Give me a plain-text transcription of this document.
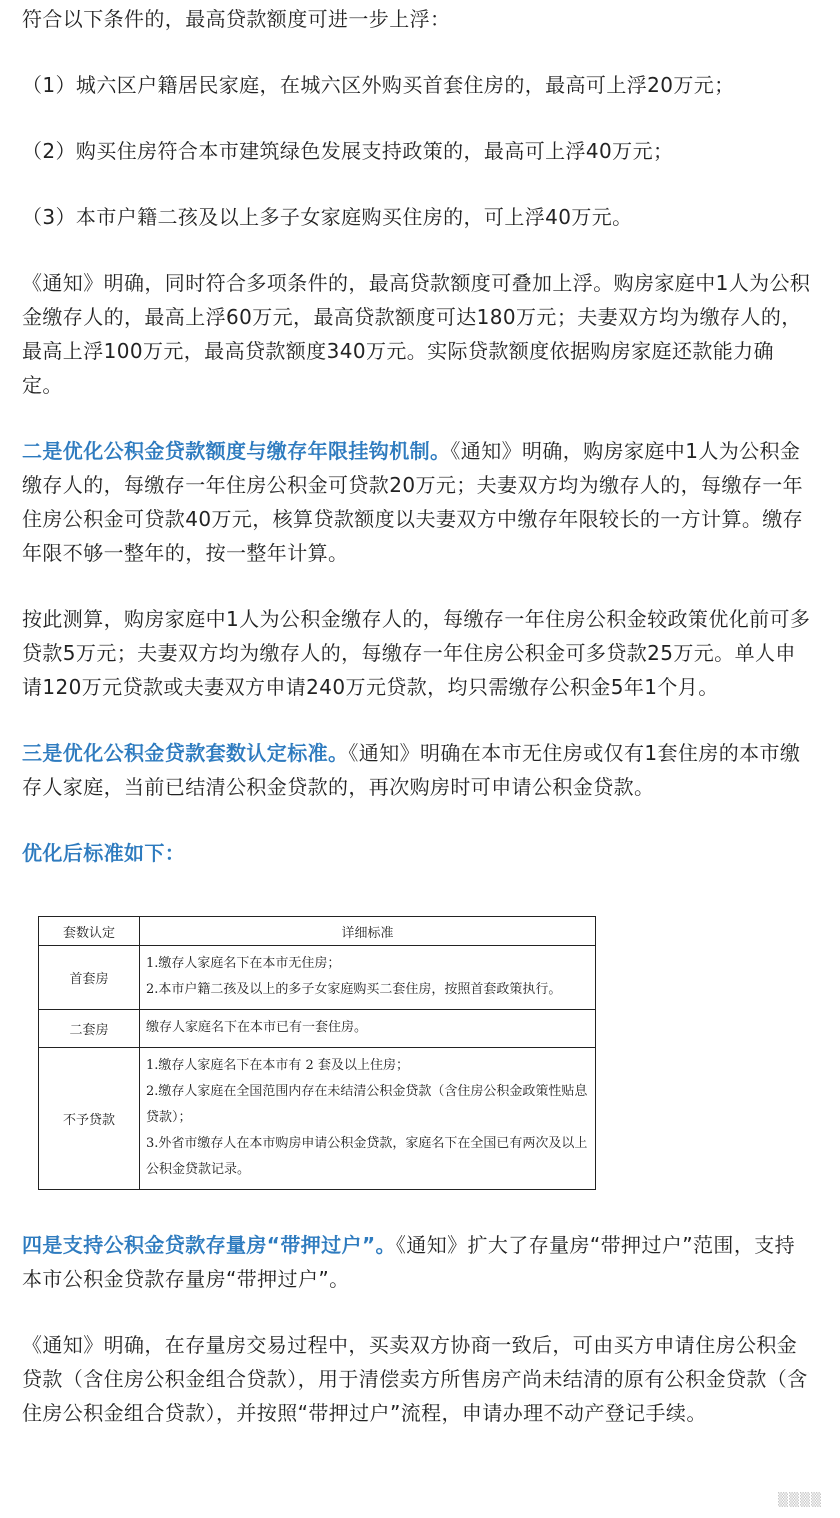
符合以下条件的，最高贷款额度可进一步上浮：

（1）城六区户籍居民家庭，在城六区外购买首套住房的，最高可上浮20万元；

（2）购买住房符合本市建筑绿色发展支持政策的，最高可上浮40万元；

（3）本市户籍二孩及以上多子女家庭购买住房的，可上浮40万元。

《通知》明确，同时符合多项条件的，最高贷款额度可叠加上浮。购房家庭中1人为公积金缴存人的，最高上浮60万元，最高贷款额度可达180万元；夫妻双方均为缴存人的，最高上浮100万元，最高贷款额度340万元。实际贷款额度依据购房家庭还款能力确定。

二是优化公积金贷款额度与缴存年限挂钩机制。《通知》明确，购房家庭中1人为公积金缴存人的，每缴存一年住房公积金可贷款20万元；夫妻双方均为缴存人的，每缴存一年住房公积金可贷款40万元，核算贷款额度以夫妻双方中缴存年限较长的一方计算。缴存年限不够一整年的，按一整年计算。

按此测算，购房家庭中1人为公积金缴存人的，每缴存一年住房公积金较政策优化前可多贷款5万元；夫妻双方均为缴存人的，每缴存一年住房公积金可多贷款25万元。单人申请120万元贷款或夫妻双方申请240万元贷款，均只需缴存公积金5年1个月。

三是优化公积金贷款套数认定标准。《通知》明确在本市无住房或仅有1套住房的本市缴存人家庭，当前已结清公积金贷款的，再次购房时可申请公积金贷款。

优化后标准如下：

套数认定	详细标准
首套房	1.缴存人家庭名下在本市无住房；
2.本市户籍二孩及以上的多子女家庭购买二套住房，按照首套政策执行。

二套房	缴存人家庭名下在本市已有一套住房。

不予贷款	1.缴存人家庭名下在本市有 2 套及以上住房；
2.缴存人家庭在全国范围内存在未结清公积金贷款（含住房公积金政策性贴息贷款）；
3.外省市缴存人在本市购房申请公积金贷款，家庭名下在全国已有两次及以上公积金贷款记录。

四是支持公积金贷款存量房“带押过户”。《通知》扩大了存量房“带押过户”范围，支持本市公积金贷款存量房“带押过户”。

《通知》明确，在存量房交易过程中，买卖双方协商一致后，可由买方申请住房公积金贷款（含住房公积金组合贷款），用于清偿卖方所售房产尚未结清的原有公积金贷款（含住房公积金组合贷款），并按照“带押过户”流程，申请办理不动产登记手续。

▒▒▒▒
